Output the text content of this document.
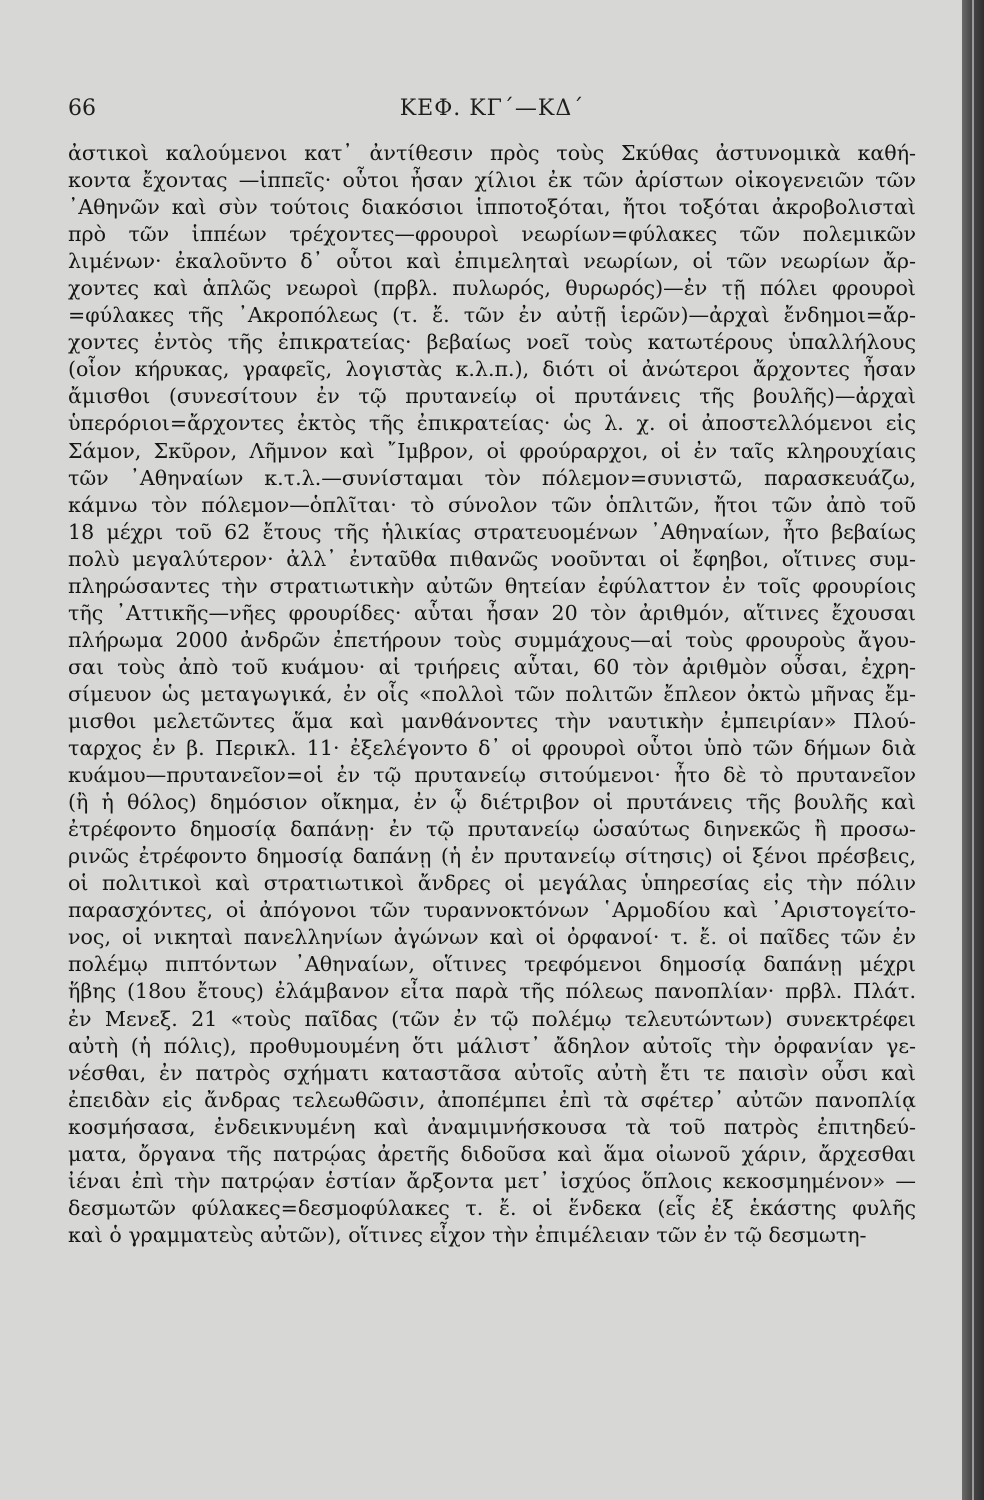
66	ΚΕΦ. ΚΓ΄—ΚΔ΄
ἀστικοὶ καλούμενοι κατ᾽ ἀντίθεσιν πρὸς τοὺς Σκύθας ἀστυνομικὰ καθή-
κοντα ἔχοντας —ἱππεῖς· οὗτοι ἦσαν χίλιοι ἐκ τῶν ἀρίστων οἰκογενειῶν τῶν
᾽Αθηνῶν καὶ σὺν τούτοις διακόσιοι ἱπποτοξόται, ἤτοι τοξόται ἀκροβολισταὶ
πρὸ τῶν ἱππέων τρέχοντες—φρουροὶ νεωρίων=φύλακες τῶν πολεμικῶν
λιμένων· ἐκαλοῦντο δ᾽ οὗτοι καὶ ἐπιμεληταὶ νεωρίων, οἱ τῶν νεωρίων ἄρ-
χοντες καὶ ἁπλῶς νεωροὶ (πρβλ. πυλωρός, θυρωρός)—ἐν τῇ πόλει φρουροὶ
=φύλακες τῆς ᾽Ακροπόλεως (τ. ἔ. τῶν ἐν αὐτῇ ἱερῶν)—ἀρχαὶ ἔνδημοι=ἄρ-
χοντες ἐντὸς τῆς ἐπικρατείας· βεβαίως νοεῖ τοὺς κατωτέρους ὑπαλλήλους
(οἷον κήρυκας, γραφεῖς, λογιστὰς κ.λ.π.), διότι οἱ ἀνώτεροι ἄρχοντες ἦσαν
ἄμισθοι (συνεσίτουν ἐν τῷ πρυτανείῳ οἱ πρυτάνεις τῆς βουλῆς)—ἀρχαὶ
ὑπερόριοι=ἄρχοντες ἐκτὸς τῆς ἐπικρατείας· ὡς λ. χ. οἱ ἀποστελλόμενοι εἰς
Σάμον, Σκῦρον, Λῆμνον καὶ ῎Ιμβρον, οἱ φρούραρχοι, οἱ ἐν ταῖς κληρουχίαις
τῶν ᾽Αθηναίων κ.τ.λ.—συνίσταμαι τὸν πόλεμον=συνιστῶ, παρασκευάζω,
κάμνω τὸν πόλεμον—ὁπλῖται· τὸ σύνολον τῶν ὁπλιτῶν, ἤτοι τῶν ἀπὸ τοῦ
18 μέχρι τοῦ 62 ἔτους τῆς ἡλικίας στρατευομένων ᾽Αθηναίων, ἦτο βεβαίως
πολὺ μεγαλύτερον· ἀλλ᾽ ἐνταῦθα πιθανῶς νοοῦνται οἱ ἔφηβοι, οἵτινες συμ-
πληρώσαντες τὴν στρατιωτικὴν αὐτῶν θητείαν ἐφύλαττον ἐν τοῖς φρουρίοις
τῆς ᾽Αττικῆς—νῆες φρουρίδες· αὗται ἦσαν 20 τὸν ἀριθμόν, αἵτινες ἔχουσαι
πλήρωμα 2000 ἀνδρῶν ἐπετήρουν τοὺς συμμάχους—αἱ τοὺς φρουροὺς ἄγου-
σαι τοὺς ἀπὸ τοῦ κυάμου· αἱ τριήρεις αὗται, 60 τὸν ἀριθμὸν οὖσαι, ἐχρη-
σίμευον ὡς μεταγωγικά, ἐν οἷς «πολλοὶ τῶν πολιτῶν ἔπλεον ὀκτὼ μῆνας ἔμ-
μισθοι μελετῶντες ἅμα καὶ μανθάνοντες τὴν ναυτικὴν ἐμπειρίαν» Πλού-
ταρχος ἐν β. Περικλ. 11· ἐξελέγοντο δ᾽ οἱ φρουροὶ οὗτοι ὑπὸ τῶν δήμων διὰ
κυάμου—πρυτανεῖον=οἱ ἐν τῷ πρυτανείῳ σιτούμενοι· ἦτο δὲ τὸ πρυτανεῖον
(ἢ ἡ θόλος) δημόσιον οἴκημα, ἐν ᾧ διέτριβον οἱ πρυτάνεις τῆς βουλῆς καὶ
ἐτρέφοντο δημοσίᾳ δαπάνῃ· ἐν τῷ πρυτανείῳ ὡσαύτως διηνεκῶς ἢ προσω-
ρινῶς ἐτρέφοντο δημοσίᾳ δαπάνῃ (ἡ ἐν πρυτανείῳ σίτησις) οἱ ξένοι πρέσβεις,
οἱ πολιτικοὶ καὶ στρατιωτικοὶ ἄνδρες οἱ μεγάλας ὑπηρεσίας εἰς τὴν πόλιν
παρασχόντες, οἱ ἀπόγονοι τῶν τυραννοκτόνων ῾Αρμοδίου καὶ ᾽Αριστογείτο-
νος, οἱ νικηταὶ πανελληνίων ἀγώνων καὶ οἱ ὀρφανοί· τ. ἔ. οἱ παῖδες τῶν ἐν
πολέμῳ πιπτόντων ᾽Αθηναίων, οἵτινες τρεφόμενοι δημοσίᾳ δαπάνῃ μέχρι
ἥβης (18ου ἔτους) ἐλάμβανον εἶτα παρὰ τῆς πόλεως πανοπλίαν· πρβλ. Πλάτ.
ἐν Μενεξ. 21 «τοὺς παῖδας (τῶν ἐν τῷ πολέμῳ τελευτώντων) συνεκτρέφει
αὐτὴ (ἡ πόλις), προθυμουμένη ὅτι μάλιστ᾽ ἄδηλον αὐτοῖς τὴν ὀρφανίαν γε-
νέσθαι, ἐν πατρὸς σχήματι καταστᾶσα αὐτοῖς αὐτὴ ἔτι τε παισὶν οὖσι καὶ
ἐπειδὰν εἰς ἄνδρας τελεωθῶσιν, ἀποπέμπει ἐπὶ τὰ σφέτερ᾽ αὐτῶν πανοπλίᾳ
κοσμήσασα, ἐνδεικνυμένη καὶ ἀναμιμνήσκουσα τὰ τοῦ πατρὸς ἐπιτηδεύ-
ματα, ὄργανα τῆς πατρῴας ἀρετῆς διδοῦσα καὶ ἅμα οἰωνοῦ χάριν, ἄρχεσθαι
ἰέναι ἐπὶ τὴν πατρῴαν ἑστίαν ἄρξοντα μετ᾽ ἰσχύος ὅπλοις κεκοσμημένον» —
δεσμωτῶν φύλακες=δεσμοφύλακες τ. ἔ. οἱ ἕνδεκα (εἷς ἐξ ἑκάστης φυλῆς
καὶ ὁ γραμματεὺς αὐτῶν), οἵτινες εἶχον τὴν ἐπιμέλειαν τῶν ἐν τῷ δεσμωτη-
